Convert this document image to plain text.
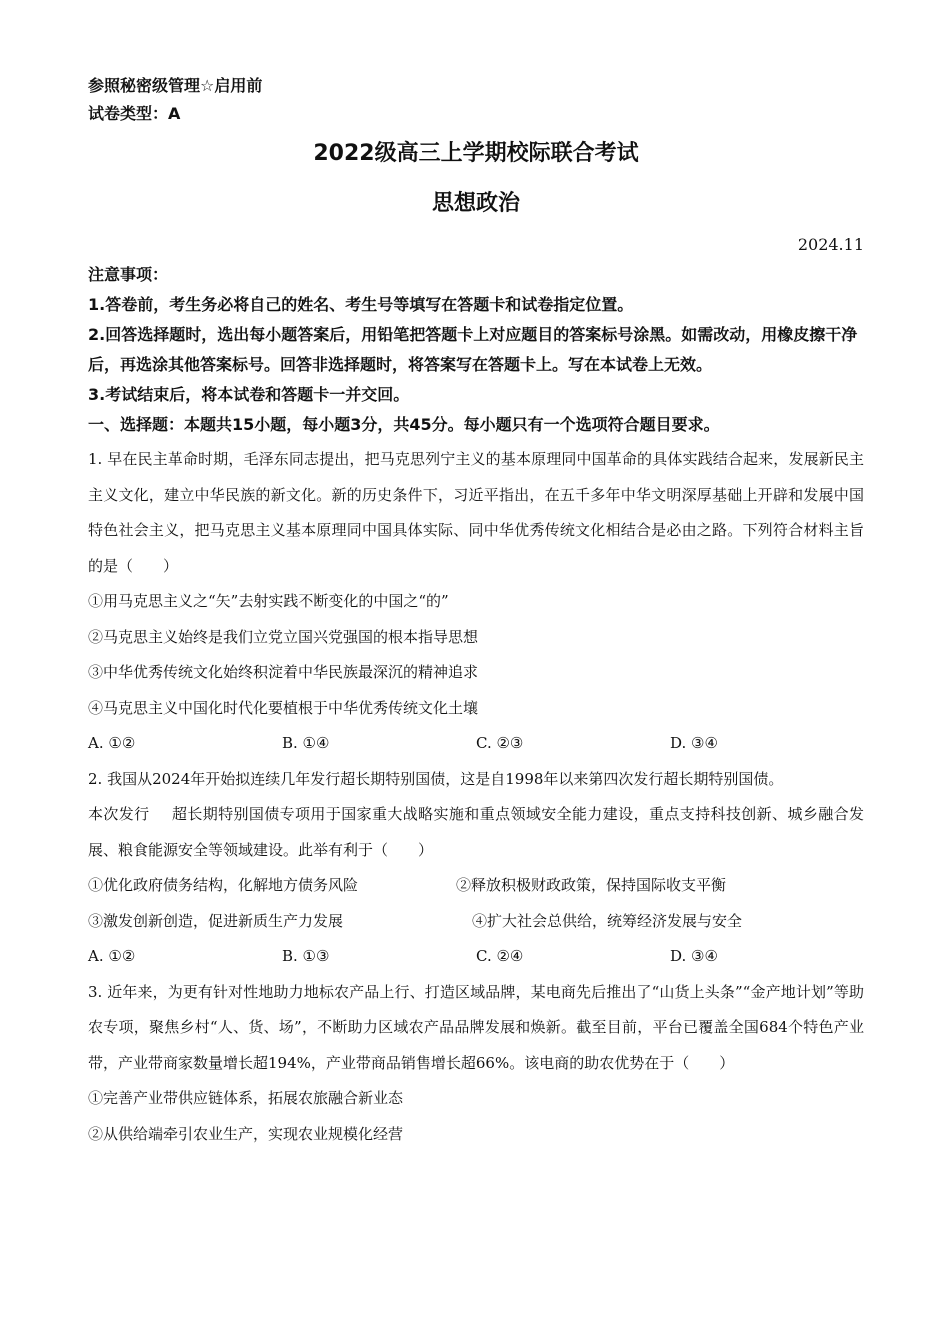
参照秘密级管理☆启用前
试卷类型：A
2022级高三上学期校际联合考试
思想政治
2024.11
注意事项：
1.答卷前，考生务必将自己的姓名、考生号等填写在答题卡和试卷指定位置。
2.回答选择题时，选出每小题答案后，用铅笔把答题卡上对应题目的答案标号涂黑。如需改动，用橡皮擦干净后，再选涂其他答案标号。回答非选择题时，将答案写在答题卡上。写在本试卷上无效。
3.考试结束后，将本试卷和答题卡一并交回。
一、选择题：本题共15小题，每小题3分，共45分。每小题只有一个选项符合题目要求。
1. 早在民主革命时期，毛泽东同志提出，把马克思列宁主义的基本原理同中国革命的具体实践结合起来，发展新民主主义文化，建立中华民族的新文化。新的历史条件下，习近平指出，在五千多年中华文明深厚基础上开辟和发展中国特色社会主义，把马克思主义基本原理同中国具体实际、同中华优秀传统文化相结合是必由之路。下列符合材料主旨的是（　　）
①用马克思主义之“矢”去射实践不断变化的中国之“的”
②马克思主义始终是我们立党立国兴党强国的根本指导思想
③中华优秀传统文化始终积淀着中华民族最深沉的精神追求
④马克思主义中国化时代化要植根于中华优秀传统文化土壤
A. ①②	B. ①④	C. ②③	D. ③④
2. 我国从2024年开始拟连续几年发行超长期特别国债，这是自1998年以来第四次发行超长期特别国债。
本次发行 超长期特别国债专项用于国家重大战略实施和重点领域安全能力建设，重点支持科技创新、城乡融合发展、粮食能源安全等领域建设。此举有利于（　　）
①优化政府债务结构，化解地方债务风险	②释放积极财政政策，保持国际收支平衡
③激发创新创造，促进新质生产力发展	④扩大社会总供给，统筹经济发展与安全
A. ①②	B. ①③	C. ②④	D. ③④
3. 近年来，为更有针对性地助力地标农产品上行、打造区域品牌，某电商先后推出了“山货上头条”“金产地计划”等助农专项，聚焦乡村“人、货、场”，不断助力区域农产品品牌发展和焕新。截至目前，平台已覆盖全国684个特色产业带，产业带商家数量增长超194%，产业带商品销售增长超66%。该电商的助农优势在于（　　）
①完善产业带供应链体系，拓展农旅融合新业态
②从供给端牵引农业生产，实现农业规模化经营
